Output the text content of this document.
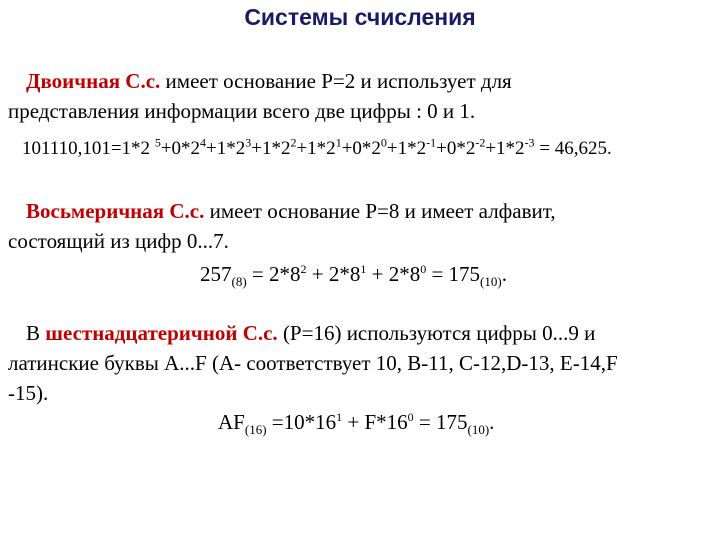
Системы счисления
Двоичная С.с. имеет основание Р=2 и использует для
представления информации всего две цифры : 0 и 1.
101110,101=1*2 $^5+0*2^4+1*2^3+1*2^2+1*2^1+0*2^0+1*2^{-1}+0*2^{-2}+1*2^{-3} = 46,625$.
Восьмеричная С.с. имеет основание Р=8 и имеет алфавит,
состоящий из цифр 0...7.
$257_{(8)} = 2*8^2 + 2*8^1 + 2*8^0 = 175_{(10)}$.
В шестнадцатеричной С.с. (Р=16) используются цифры 0...9 и
латинские буквы А...F (А- соответствует 10, В-11, С-12,D-13, Е-14,F
-15).
$AF_{(16)} =10*16^1 + F*16^0 = 175_{(10)}$.
